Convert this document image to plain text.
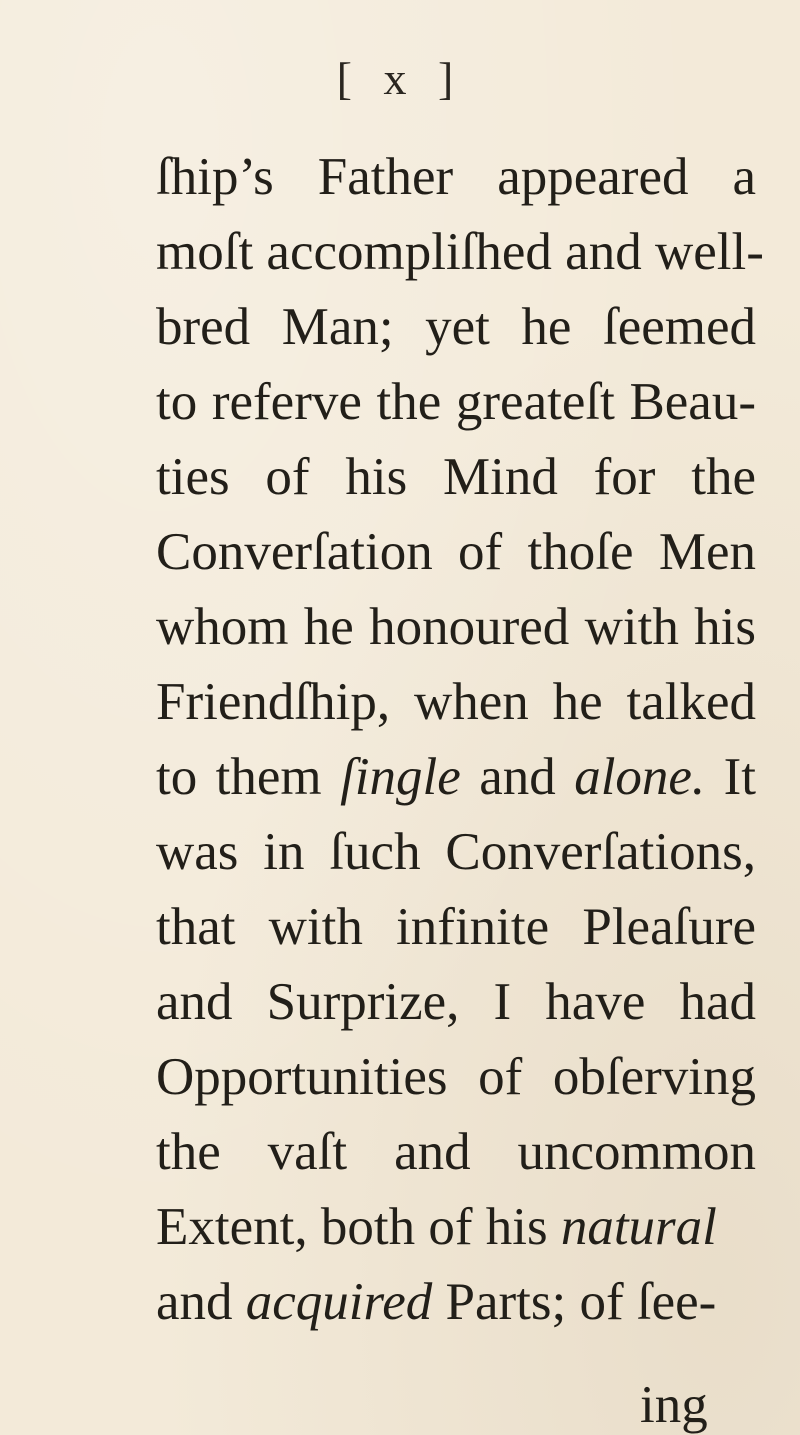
[ x ]
ſhip’s Father appeared a
moſt accompliſhed and well-
bred Man; yet he ſeemed
to referve the greateſt Beau-
ties of his Mind for the
Converſation of thoſe Men
whom he honoured with his
Friendſhip, when he talked
to them ſingle and alone. It
was in ſuch Converſations,
that with infinite Pleaſure
and Surprize, I have had
Opportunities of obſerving
the vaſt and uncommon
Extent, both of his natural
and acquired Parts; of ſee-
ing
